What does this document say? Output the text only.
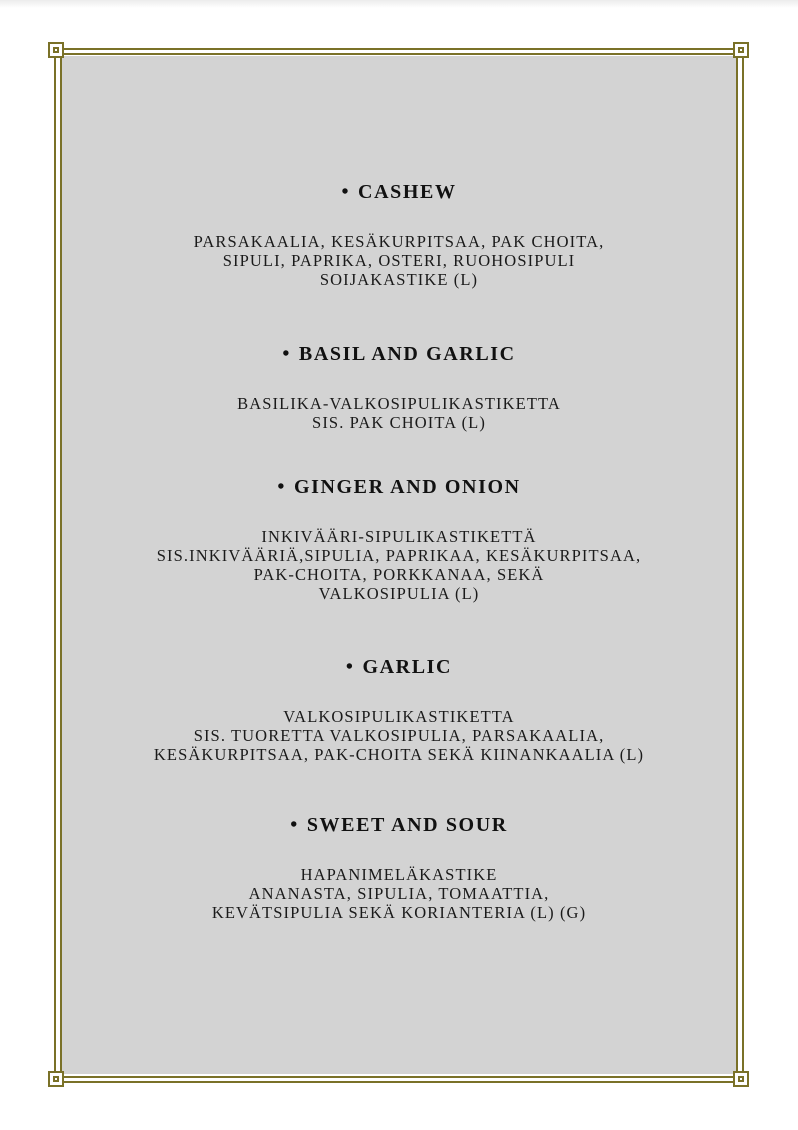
• CASHEW

PARSAKAALIA, KESÄKURPITSAA, PAK CHOITA,
SIPULI, PAPRIKA, OSTERI, RUOHOSIPULI
SOIJAKASTIKE (L)

• BASIL AND GARLIC

BASILIKA-VALKOSIPULIKASTIKETTA
SIS. PAK CHOITA (L)

• GINGER AND ONION

INKIVÄÄRI-SIPULIKASTIKETTÄ
SIS.INKIVÄÄRIÄ,SIPULIA, PAPRIKAA, KESÄKURPITSAA,
PAK-CHOITA, PORKKANAA, SEKÄ
VALKOSIPULIA (L)

• GARLIC

VALKOSIPULIKASTIKETTA
SIS. TUORETTA VALKOSIPULIA, PARSAKAALIA,
KESÄKURPITSAA, PAK-CHOITA SEKÄ KIINANKAALIA (L)

• SWEET AND SOUR

HAPANIMELÄKASTIKE
ANANASTA, SIPULIA, TOMAATTIA,
KEVÄTSIPULIA SEKÄ KORIANTERIA (L) (G)
